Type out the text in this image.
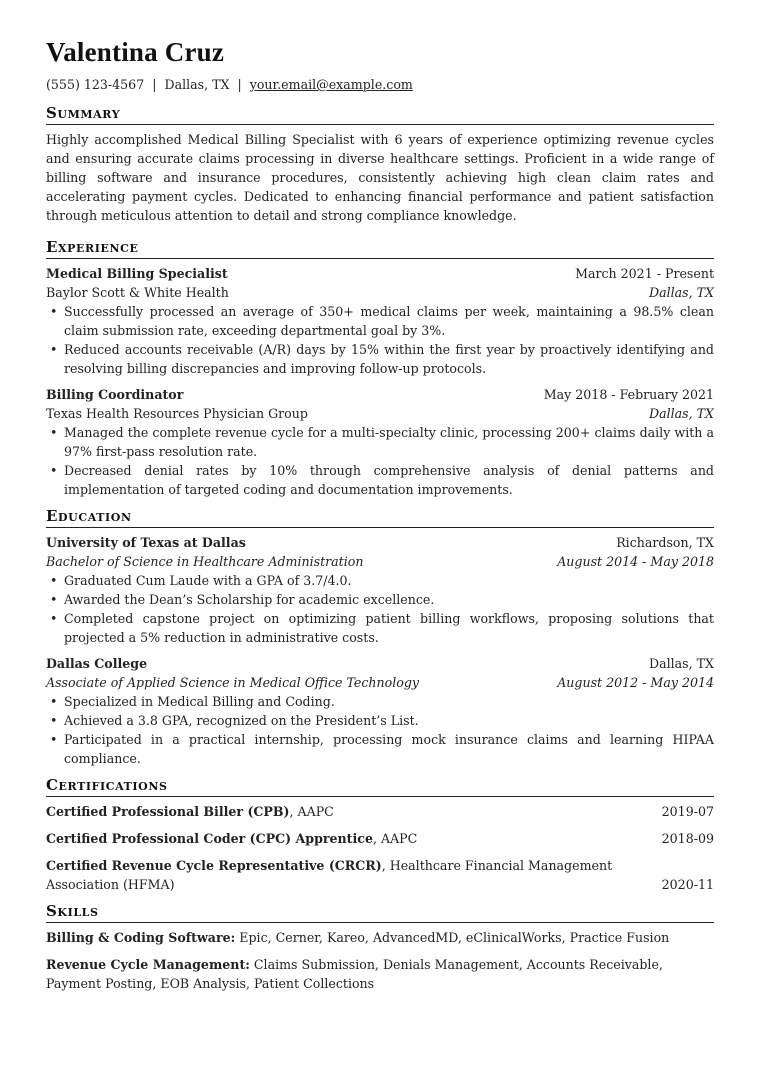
Valentina Cruz
(555) 123-4567 | Dallas, TX | your.email@example.com
Summary
Highly accomplished Medical Billing Specialist with 6 years of experience optimizing revenue cycles and ensuring accurate claims processing in diverse healthcare settings. Proficient in a wide range of billing software and insurance procedures, consistently achieving high clean claim rates and accelerating payment cycles. Dedicated to enhancing financial performance and patient satisfaction through meticulous attention to detail and strong compliance knowledge.
Experience
Medical Billing Specialist	March 2021 - Present
Baylor Scott & White Health	Dallas, TX
• Successfully processed an average of 350+ medical claims per week, maintaining a 98.5% clean claim submission rate, exceeding departmental goal by 3%.
• Reduced accounts receivable (A/R) days by 15% within the first year by proactively identifying and resolving billing discrepancies and improving follow-up protocols.
Billing Coordinator	May 2018 - February 2021
Texas Health Resources Physician Group	Dallas, TX
• Managed the complete revenue cycle for a multi-specialty clinic, processing 200+ claims daily with a 97% first-pass resolution rate.
• Decreased denial rates by 10% through comprehensive analysis of denial patterns and implementation of targeted coding and documentation improvements.
Education
University of Texas at Dallas	Richardson, TX
Bachelor of Science in Healthcare Administration	August 2014 - May 2018
• Graduated Cum Laude with a GPA of 3.7/4.0.
• Awarded the Dean’s Scholarship for academic excellence.
• Completed capstone project on optimizing patient billing workflows, proposing solutions that projected a 5% reduction in administrative costs.
Dallas College	Dallas, TX
Associate of Applied Science in Medical Office Technology	August 2012 - May 2014
• Specialized in Medical Billing and Coding.
• Achieved a 3.8 GPA, recognized on the President’s List.
• Participated in a practical internship, processing mock insurance claims and learning HIPAA compliance.
Certifications
Certified Professional Biller (CPB), AAPC	2019-07
Certified Professional Coder (CPC) Apprentice, AAPC	2018-09
Certified Revenue Cycle Representative (CRCR), Healthcare Financial Management Association (HFMA)	2020-11
Skills
Billing & Coding Software: Epic, Cerner, Kareo, AdvancedMD, eClinicalWorks, Practice Fusion
Revenue Cycle Management: Claims Submission, Denials Management, Accounts Receivable, Payment Posting, EOB Analysis, Patient Collections
